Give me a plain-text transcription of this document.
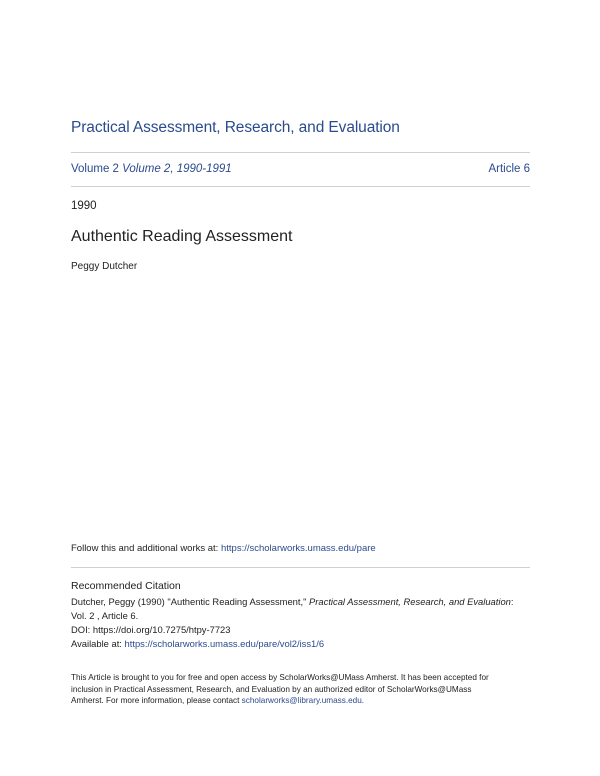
Practical Assessment, Research, and Evaluation
Volume 2 Volume 2, 1990-1991	Article 6
1990
Authentic Reading Assessment
Peggy Dutcher
Follow this and additional works at: https://scholarworks.umass.edu/pare
Recommended Citation
Dutcher, Peggy (1990) "Authentic Reading Assessment," Practical Assessment, Research, and Evaluation:
Vol. 2 , Article 6.
DOI: https://doi.org/10.7275/htpy-7723
Available at: https://scholarworks.umass.edu/pare/vol2/iss1/6
This Article is brought to you for free and open access by ScholarWorks@UMass Amherst. It has been accepted for
inclusion in Practical Assessment, Research, and Evaluation by an authorized editor of ScholarWorks@UMass
Amherst. For more information, please contact scholarworks@library.umass.edu.
